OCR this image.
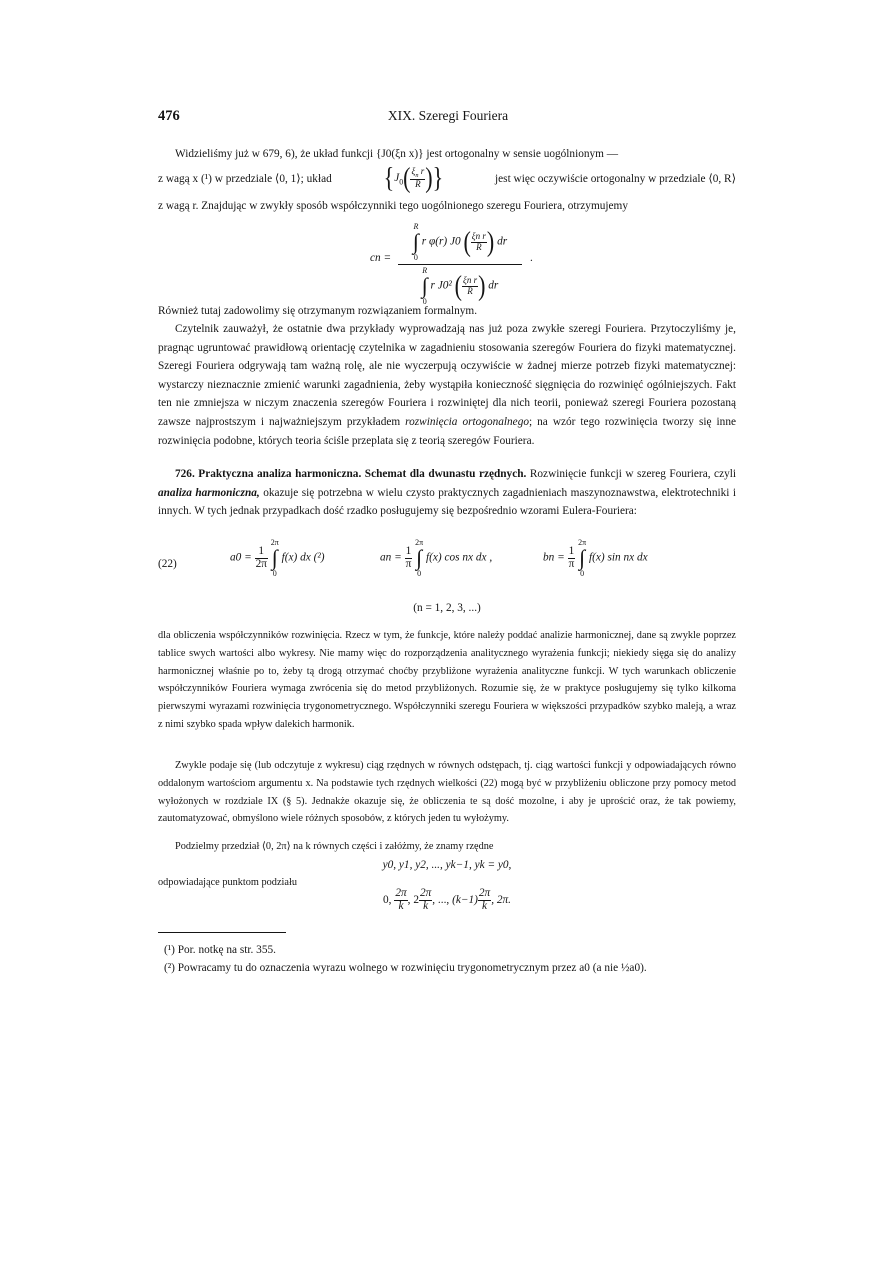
476	XIX. Szeregi Fouriera

Widzieliśmy już w 679, 6), że układ funkcji {J0(ξn x)} jest ortogonalny w sensie uogólnionym —

z wagą x (¹) w przedziale ⟨0, 1⟩; układ {$J_0( \frac{\xi_n r}{R}$ )}	jest więc oczywiście ortogonalny w przedziale ⟨0, R⟩

z wagą r. Znajdując w zwykły sposób współczynniki tego uogólnionego szeregu Fouriera, otrzymujemy

cn = R
∫
0
r φ(r) J0 ( $\frac{\text{ξn r}}{R}$ ) dr
R
∫
0
r J0² ( $\frac{\text{ξn r}}{R}$ ) dr .

Również tutaj zadowolimy się otrzymanym rozwiązaniem formalnym.

Czytelnik zauważył, że ostatnie dwa przykłady wyprowadzają nas już poza zwykłe szeregi Fouriera. Przytoczyliśmy je, pragnąc ugruntować prawidłową orientację czytelnika w zagadnieniu stosowania szeregów Fouriera do fizyki matematycznej. Szeregi Fouriera odgrywają tam ważną rolę, ale nie wyczerpują oczywiście w żadnej mierze potrzeb fizyki matematycznej: wystarczy nieznacznie zmienić warunki zagadnienia, żeby wystąpiła konieczność sięgnięcia do rozwinięć ogólniejszych. Fakt ten nie zmniejsza w niczym znaczenia szeregów Fouriera i rozwiniętej dla nich teorii, ponieważ szeregi Fouriera pozostaną zawsze najprostszym i najważniejszym przykładem rozwinięcia ortogonalnego; na wzór tego rozwinięcia tworzy się inne rozwinięcia podobne, których teoria ściśle przeplata się z teorią szeregów Fouriera.

726. Praktyczna analiza harmoniczna. Schemat dla dwunastu rzędnych. Rozwinięcie funkcji w szereg Fouriera, czyli analiza harmoniczna, okazuje się potrzebna w wielu czysto praktycznych zagadnieniach maszynoznawstwa, elektrotechniki i innych. W tych jednak przypadkach dość rzadko posługujemy się bezpośrednio wzorami Eulera-Fouriera:

(22)
$a0 = \frac{1}{2\pi}$

2π
∫
0
f(x) dx (²)	an = $\frac{1}{\pi}$

2π
∫
0
f(x) cos nx dx ,	bn = $\frac{1}{\pi}$

2π
∫
0
f(x) sin nx dx
(n = 1, 2, 3, ...)

dla obliczenia współczynników rozwinięcia. Rzecz w tym, że funkcje, które należy poddać analizie harmonicznej, dane są zwykle poprzez tablice swych wartości albo wykresy. Nie mamy więc do rozporządzenia analitycznego wyrażenia funkcji; niekiedy sięga się do analizy harmonicznej właśnie po to, żeby tą drogą otrzymać choćby przybliżone wyrażenia analityczne funkcji. W tych warunkach obliczenie współczynników Fouriera wymaga zwrócenia się do metod przybliżonych. Rozumie się, że w praktyce posługujemy się tylko kilkoma pierwszymi wyrazami rozwinięcia trygonometrycznego. Współczynniki szeregu Fouriera w większości przypadków szybko maleją, a wraz z nimi szybko spada wpływ dalekich harmonik.

Zwykle podaje się (lub odczytuje z wykresu) ciąg rzędnych w równych odstępach, tj. ciąg wartości funkcji y odpowiadających równo oddalonym wartościom argumentu x. Na podstawie tych rzędnych wielkości (22) mogą być w przybliżeniu obliczone przy pomocy metod wyłożonych w rozdziale IX (§ 5). Jednakże okazuje się, że obliczenia te są dość mozolne, i aby je uprościć oraz, że tak powiemy, zautomatyzować, obmyślono wiele różnych sposobów, z których jeden tu wyłożymy.

Podzielmy przedział ⟨0, 2π⟩ na k równych części i załóżmy, że znamy rzędne

y0, y1, y2, ..., yk−1, yk = y0,

odpowiadające punktom podziału

0, $\frac{2\pi}{k}$ , $2 \frac{2\pi}{k}$ , ..., $(k-1) \frac{2\pi}{k}$ , 2π.
(¹) Por. notkę na str. 355.
(²) Powracamy tu do oznaczenia wyrazu wolnego w rozwinięciu trygonometrycznym przez a0 (a nie ½a0).
